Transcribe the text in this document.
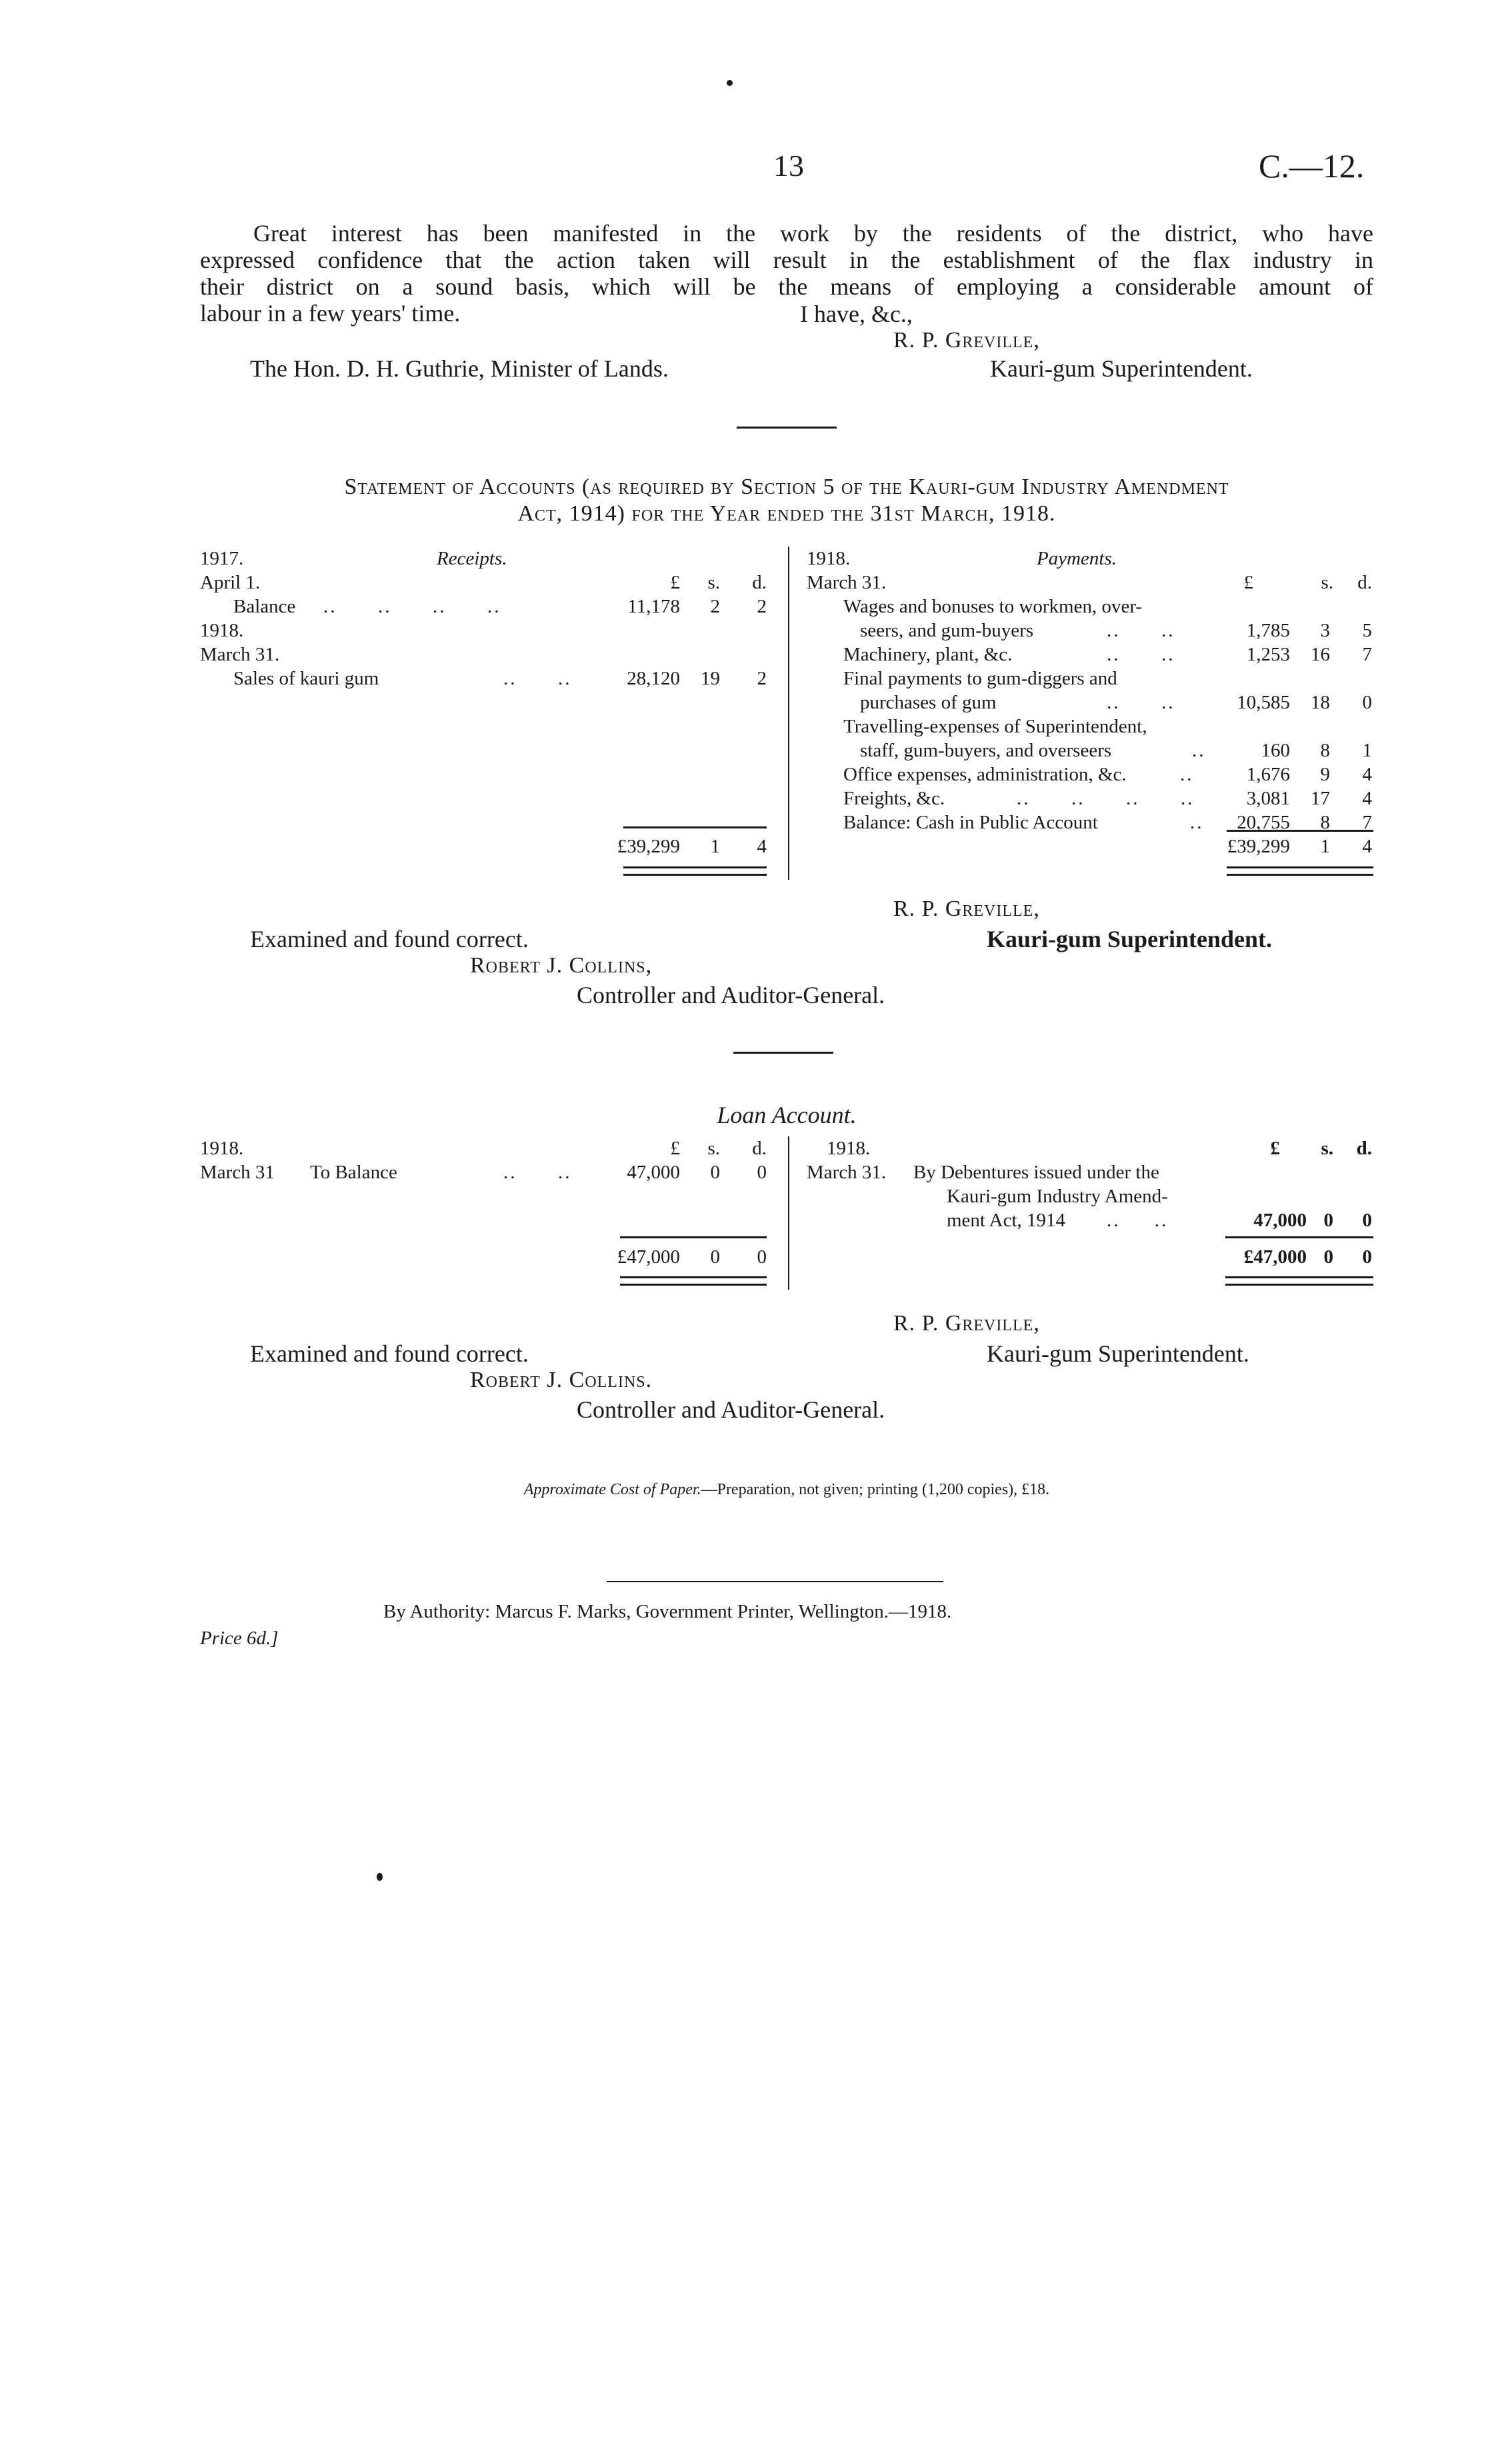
13	C.—12.
Great interest has been manifested in the work by the residents of the district, who have
expressed confidence that the action taken will result in the establishment of the flax industry in
their district on a sound basis, which will be the means of employing a considerable amount of
labour in a few years' time.	I have, &c.,
R. P. Greville,
The Hon. D. H. Guthrie, Minister of Lands.	Kauri-gum Superintendent.
Statement of Accounts (as required by Section 5 of the Kauri-gum Industry Amendment
Act, 1914) for the Year ended the 31st March, 1918.
1917.	Receipts.
April 1.	£	s.	d.
Balance ..      ..      ..      ..	11,178	2	2
1918.
March 31.
Sales of kauri gum	..      ..	28,120	19	2
£39,299	1	4
1918.	Payments.
March 31.	£	s.	d.
Wages and bonuses to workmen, over-
seers, and gum-buyers	..      ..	1,785	3	5
Machinery, plant, &c.	..      ..	1,253	16	7
Final payments to gum-diggers and
purchases of gum	..      ..	10,585	18	0
Travelling-expenses of Superintendent,
staff, gum-buyers, and overseers	..	160	8	1
Office expenses, administration, &c.	..	1,676	9	4
Freights, &c.	..      ..      ..      ..	3,081	17	4
Balance: Cash in Public Account	..	20,755	8	7
£39,299	1	4
R. P. Greville,
Examined and found correct.	Kauri-gum Superintendent.
Robert J. Collins,
Controller and Auditor-General.
Loan Account.
1918.	£	s.	d.
March 31 To Balance	..      ..	47,000	0	0
£47,000	0	0
1918.	£	s.	d.
March 31. By Debentures issued under the
Kauri-gum Industry Amend-
ment Act, 1914 ..     ..	47,000 0	0
£47,000 0	0
R. P. Greville,
Examined and found correct.	Kauri-gum Superintendent.
Robert J. Collins.
Controller and Auditor-General.
Approximate Cost of Paper.—Preparation, not given; printing (1,200 copies), £18.
By Authority: Marcus F. Marks, Government Printer, Wellington.—1918.
Price 6d.]
